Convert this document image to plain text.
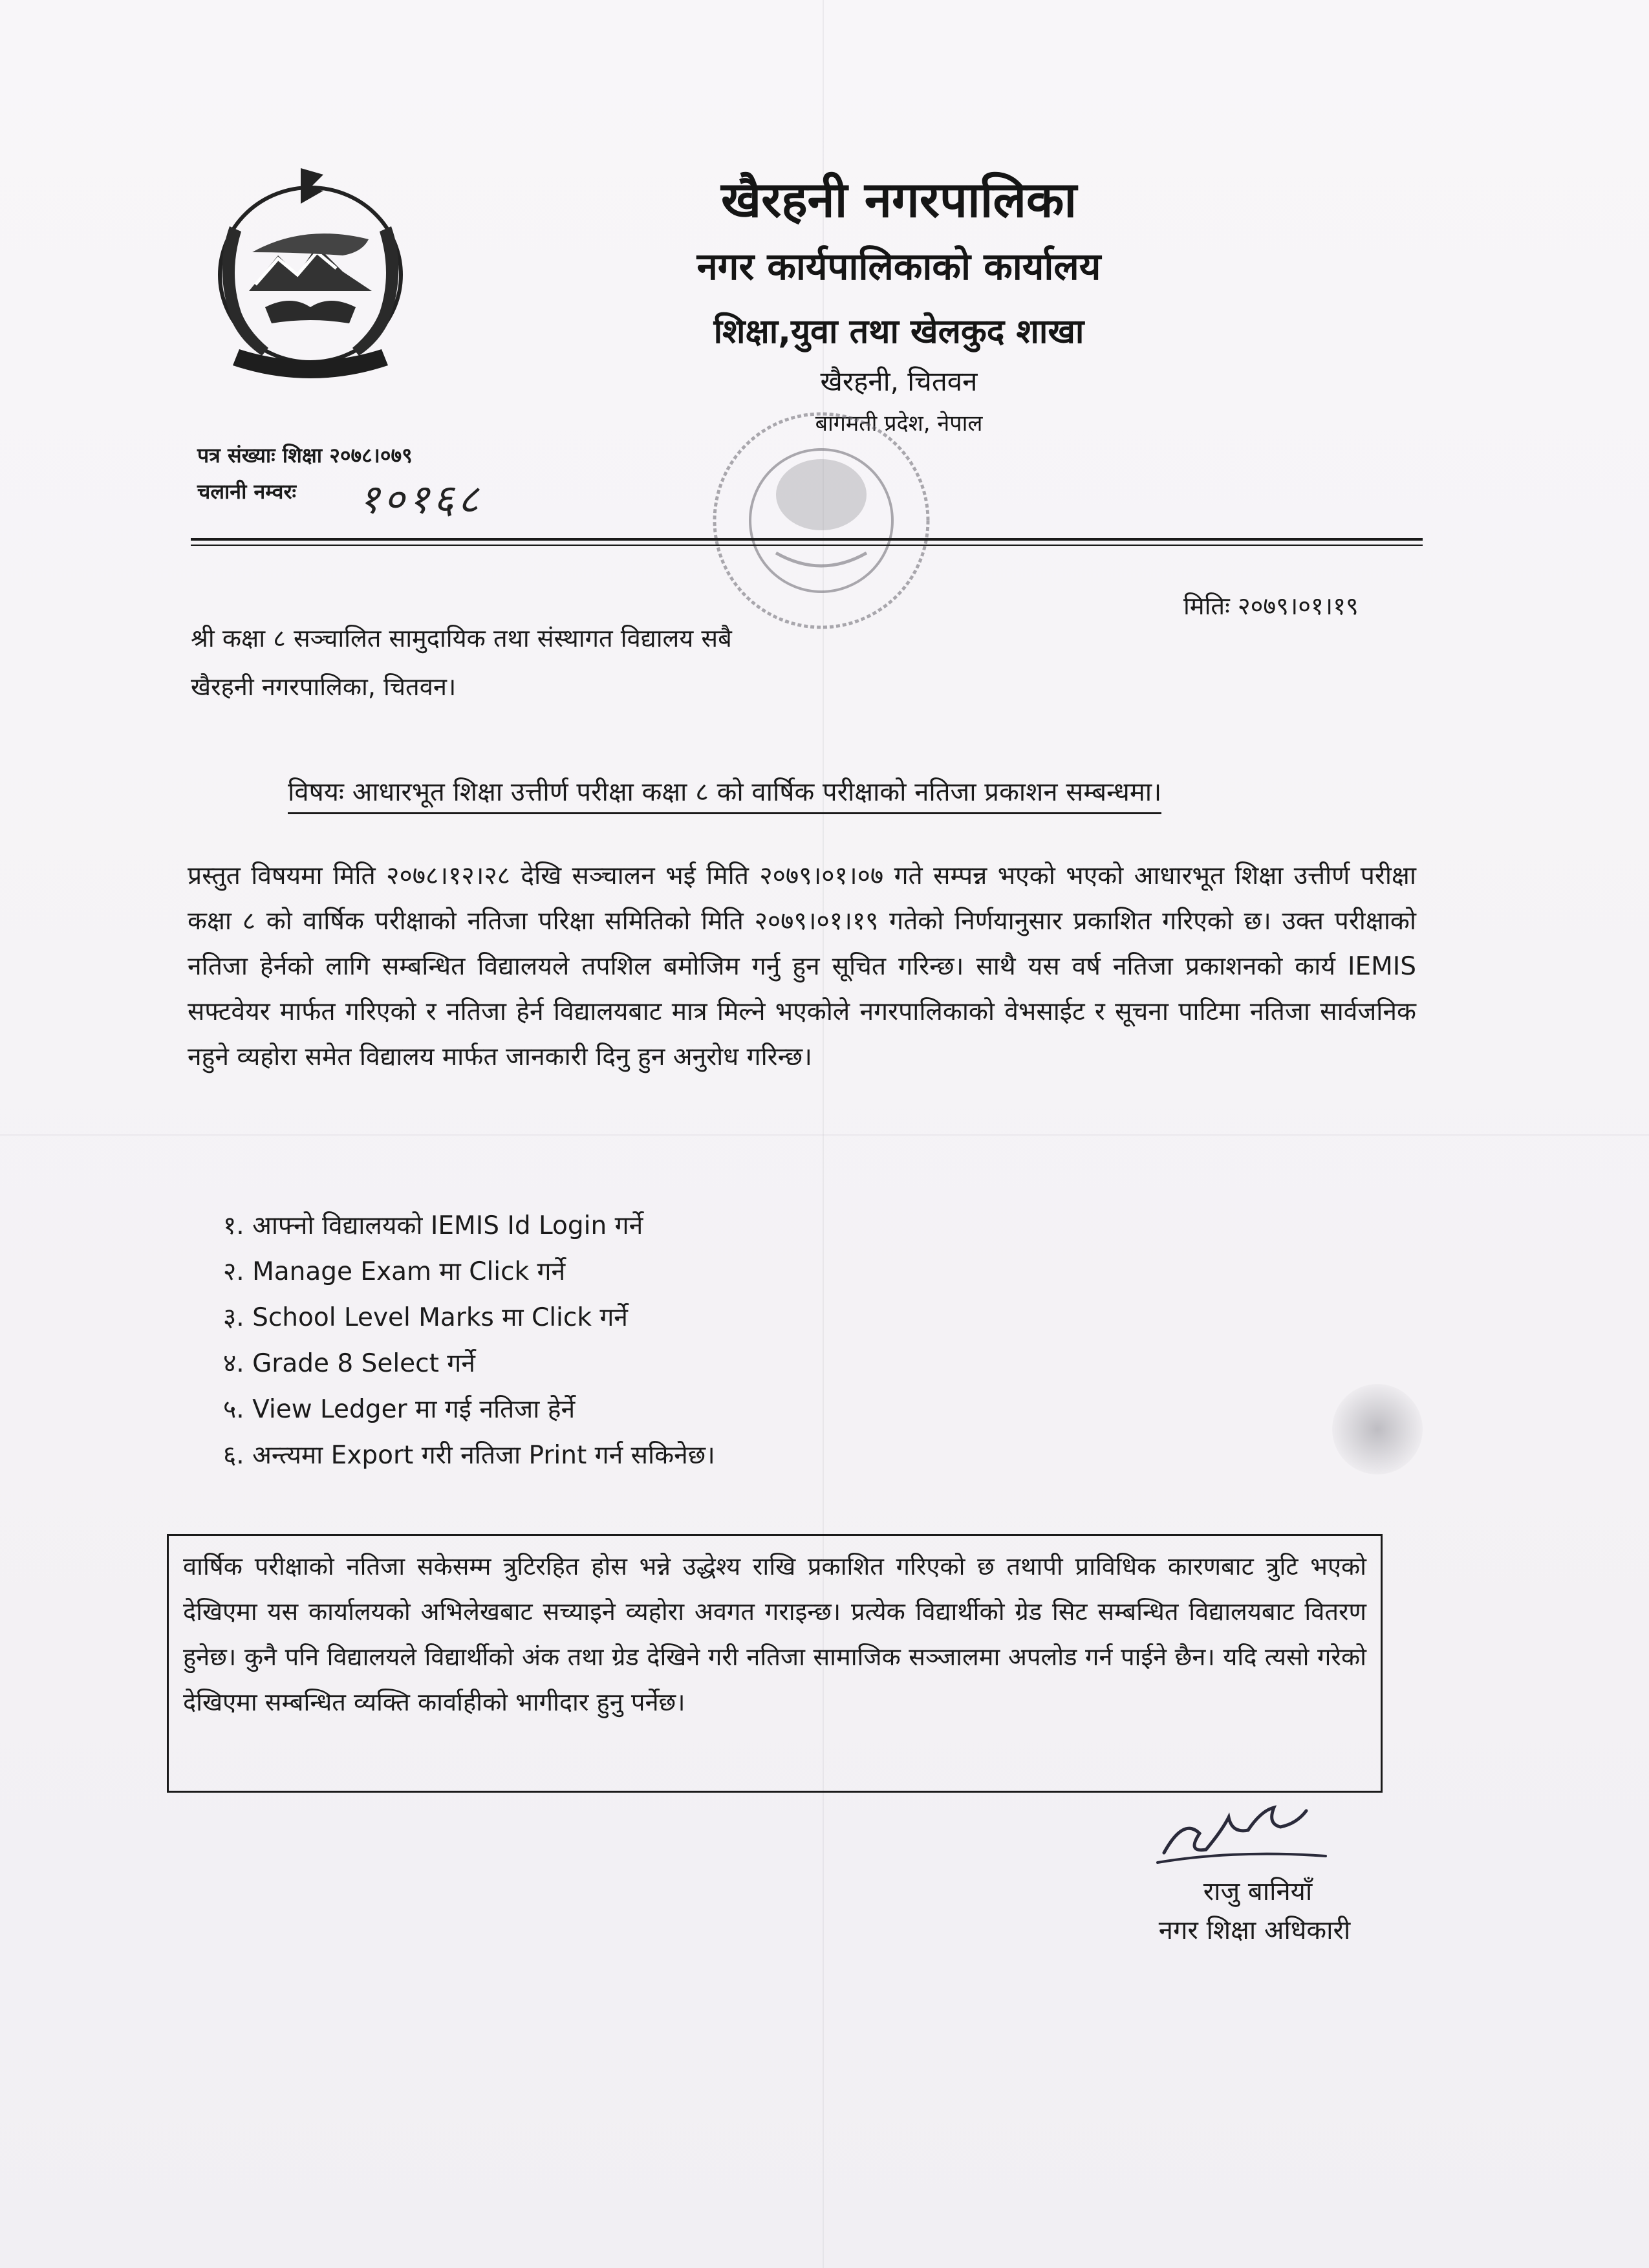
खैरहनी नगरपालिका
नगर कार्यपालिकाको कार्यालय
शिक्षा,युवा तथा खेलकुद शाखा
खैरहनी, चितवन
बागमती प्रदेश, नेपाल
पत्र संख्याः शिक्षा २०७८।०७९
चलानी नम्वरः १०१६८
मितिः २०७९।०१।१९
श्री कक्षा ८ सञ्चालित सामुदायिक तथा संस्थागत विद्यालय सबै
खैरहनी नगरपालिका, चितवन।
विषयः आधारभूत शिक्षा उत्तीर्ण परीक्षा कक्षा ८ को वार्षिक परीक्षाको नतिजा प्रकाशन सम्बन्धमा।
प्रस्तुत विषयमा मिति २०७८।१२।२८ देखि सञ्चालन भई मिति २०७९।०१।०७ गते सम्पन्न भएको भएको आधारभूत शिक्षा उत्तीर्ण परीक्षा कक्षा ८ को वार्षिक परीक्षाको नतिजा परिक्षा समितिको मिति २०७९।०१।१९ गतेको निर्णयानुसार प्रकाशित गरिएको छ। उक्त परीक्षाको नतिजा हेर्नको लागि सम्बन्धित विद्यालयले तपशिल बमोजिम गर्नु हुन सूचित गरिन्छ। साथै यस वर्ष नतिजा प्रकाशनको कार्य IEMIS सफ्टवेयर मार्फत गरिएको र नतिजा हेर्न विद्यालयबाट मात्र मिल्ने भएकोले नगरपालिकाको वेभसाईट र सूचना पाटिमा नतिजा सार्वजनिक नहुने व्यहोरा समेत विद्यालय मार्फत जानकारी दिनु हुन अनुरोध गरिन्छ।
१. आफ्नो विद्यालयको IEMIS Id Login गर्ने
२. Manage Exam मा Click गर्ने
३. School Level Marks मा Click गर्ने
४. Grade 8 Select गर्ने
५. View Ledger मा गई नतिजा हेर्ने
६. अन्त्यमा Export गरी नतिजा Print गर्न सकिनेछ।
वार्षिक परीक्षाको नतिजा सकेसम्म त्रुटिरहित होस भन्ने उद्धेश्य राखि प्रकाशित गरिएको छ तथापी प्राविधिक कारणबाट त्रुटि भएको देखिएमा यस कार्यालयको अभिलेखबाट सच्याइने व्यहोरा अवगत गराइन्छ। प्रत्येक विद्यार्थीको ग्रेड सिट सम्बन्धित विद्यालयबाट वितरण हुनेछ। कुनै पनि विद्यालयले विद्यार्थीको अंक तथा ग्रेड देखिने गरी नतिजा सामाजिक सञ्जालमा अपलोड गर्न पाईने छैन। यदि त्यसो गरेको देखिएमा सम्बन्धित व्यक्ति कार्वाहीको भागीदार हुनु पर्नेछ।
राजु बानियाँ
नगर शिक्षा अधिकारी
